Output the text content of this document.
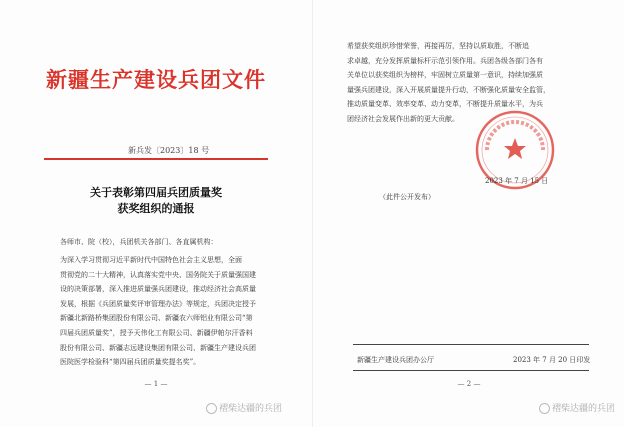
新疆生产建设兵团文件
新兵发〔2023〕18 号
关于表彰第四届兵团质量奖
获奖组织的通报
各师市、院（校），兵团机关各部门、各直属机构：

为深入学习贯彻习近平新时代中国特色社会主义思想，全面

贯彻党的二十大精神，认真落实党中央、国务院关于质量强国建

设的决策部署，深入推进质量强兵团建设，推动经济社会高质量

发展，根据《兵团质量奖评审管理办法》等规定，兵团决定授予

新疆北新路桥集团股份有限公司、新疆农六师铝业有限公司“第

四届兵团质量奖”，授予天伟化工有限公司、新疆伊帕尔汗香料

股份有限公司、新疆志远建设集团有限公司、新疆生产建设兵团

医院医学检验科“第四届兵团质量奖提名奖”。

— 1 —
褶柴达疆的兵团

希望获奖组织珍惜荣誉，再接再厉，坚持以质取胜，不断追

求卓越，充分发挥质量标杆示范引领作用。兵团各级各部门各有

关单位以获奖组织为榜样，牢固树立质量第一意识，持续加强质

量强兵团建设，深入开展质量提升行动，不断强化质量安全监管，

推动质量变革、效率变革、动力变革，不断提升质量水平，为兵

团经济社会发展作出新的更大贡献。

2023 年 7 月 15 日
（此件公开发布）
新疆生产建设兵团办公厅	2023 年 7 月 20 日印发
— 2 —
褶柴达疆的兵团
